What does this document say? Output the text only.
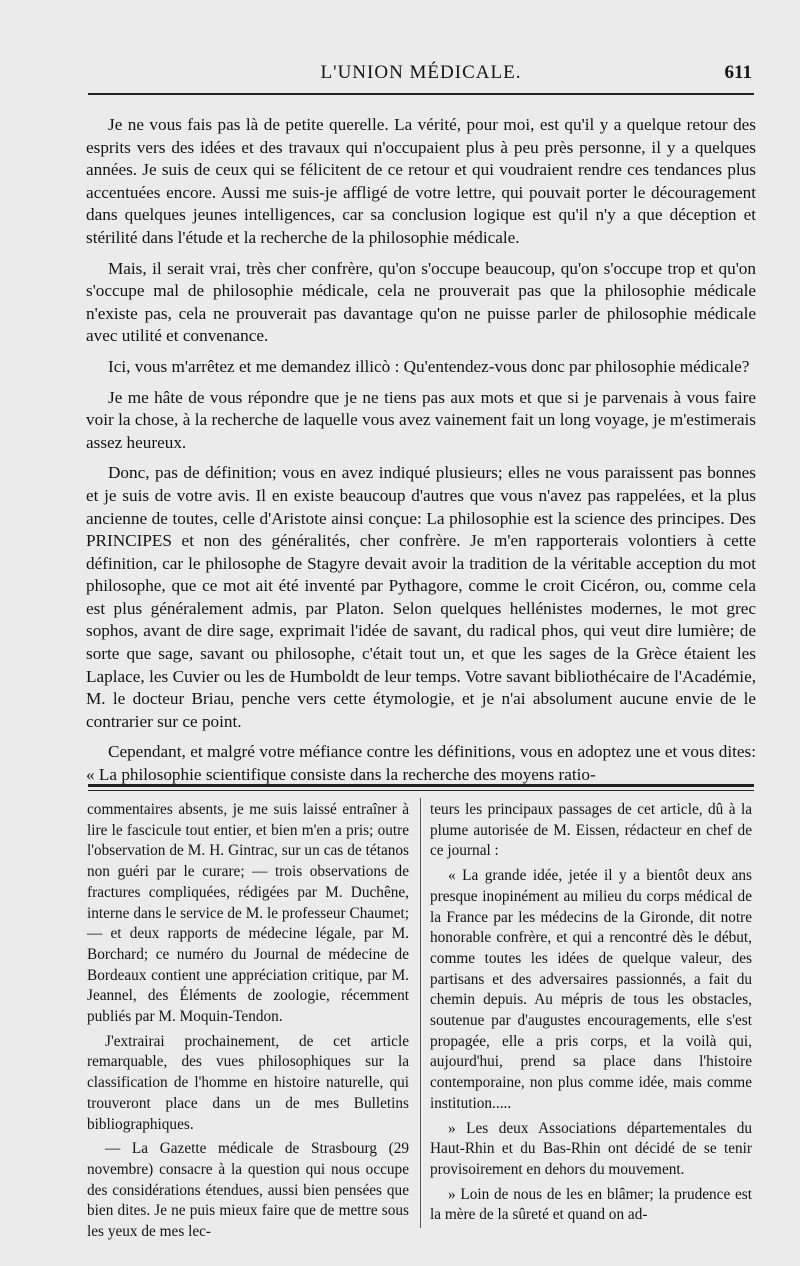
L'UNION MÉDICALE.	611

Je ne vous fais pas là de petite querelle. La vérité, pour moi, est qu'il y a quelque retour des esprits vers des idées et des travaux qui n'occupaient plus à peu près personne, il y a quelques années. Je suis de ceux qui se félicitent de ce retour et qui voudraient rendre ces tendances plus accentuées encore. Aussi me suis-je affligé de votre lettre, qui pouvait porter le découragement dans quelques jeunes intelligences, car sa conclusion logique est qu'il n'y a que déception et stérilité dans l'étude et la recherche de la philosophie médicale.

Mais, il serait vrai, très cher confrère, qu'on s'occupe beaucoup, qu'on s'occupe trop et qu'on s'occupe mal de philosophie médicale, cela ne prouverait pas que la philosophie médicale n'existe pas, cela ne prouverait pas davantage qu'on ne puisse parler de philosophie médicale avec utilité et convenance.

Ici, vous m'arrêtez et me demandez illicò : Qu'entendez-vous donc par philosophie médicale?

Je me hâte de vous répondre que je ne tiens pas aux mots et que si je parvenais à vous faire voir la chose, à la recherche de laquelle vous avez vainement fait un long voyage, je m'estimerais assez heureux.

Donc, pas de définition; vous en avez indiqué plusieurs; elles ne vous paraissent pas bonnes et je suis de votre avis. Il en existe beaucoup d'autres que vous n'avez pas rappelées, et la plus ancienne de toutes, celle d'Aristote ainsi conçue: La philosophie est la science des principes. Des PRINCIPES et non des généralités, cher confrère. Je m'en rapporterais volontiers à cette définition, car le philosophe de Stagyre devait avoir la tradition de la véritable acception du mot philosophe, que ce mot ait été inventé par Pythagore, comme le croit Cicéron, ou, comme cela est plus généralement admis, par Platon. Selon quelques hellénistes modernes, le mot grec sophos, avant de dire sage, exprimait l'idée de savant, du radical phos, qui veut dire lumière; de sorte que sage, savant ou philosophe, c'était tout un, et que les sages de la Grèce étaient les Laplace, les Cuvier ou les de Humboldt de leur temps. Votre savant bibliothécaire de l'Académie, M. le docteur Briau, penche vers cette étymologie, et je n'ai absolument aucune envie de le contrarier sur ce point.

Cependant, et malgré votre méfiance contre les définitions, vous en adoptez une et vous dites: « La philosophie scientifique consiste dans la recherche des moyens ratio-

commentaires absents, je me suis laissé entraîner à lire le fascicule tout entier, et bien m'en a pris; outre l'observation de M. H. Gintrac, sur un cas de tétanos non guéri par le curare; — trois observations de fractures compliquées, rédigées par M. Duchêne, interne dans le service de M. le professeur Chaumet; — et deux rapports de médecine légale, par M. Borchard; ce numéro du Journal de médecine de Bordeaux contient une appréciation critique, par M. Jeannel, des Éléments de zoologie, récemment publiés par M. Moquin-Tendon.

J'extrairai prochainement, de cet article remarquable, des vues philosophiques sur la classification de l'homme en histoire naturelle, qui trouveront place dans un de mes Bulletins bibliographiques.

— La Gazette médicale de Strasbourg (29 novembre) consacre à la question qui nous occupe des considérations étendues, aussi bien pensées que bien dites. Je ne puis mieux faire que de mettre sous les yeux de mes lec-

teurs les principaux passages de cet article, dû à la plume autorisée de M. Eissen, rédacteur en chef de ce journal :

« La grande idée, jetée il y a bientôt deux ans presque inopinément au milieu du corps médical de la France par les médecins de la Gironde, dit notre honorable confrère, et qui a rencontré dès le début, comme toutes les idées de quelque valeur, des partisans et des adversaires passionnés, a fait du chemin depuis. Au mépris de tous les obstacles, soutenue par d'augustes encouragements, elle s'est propagée, elle a pris corps, et la voilà qui, aujourd'hui, prend sa place dans l'histoire contemporaine, non plus comme idée, mais comme institution.....

» Les deux Associations départementales du Haut-Rhin et du Bas-Rhin ont décidé de se tenir provisoirement en dehors du mouvement.

» Loin de nous de les en blâmer; la prudence est la mère de la sûreté et quand on ad-
